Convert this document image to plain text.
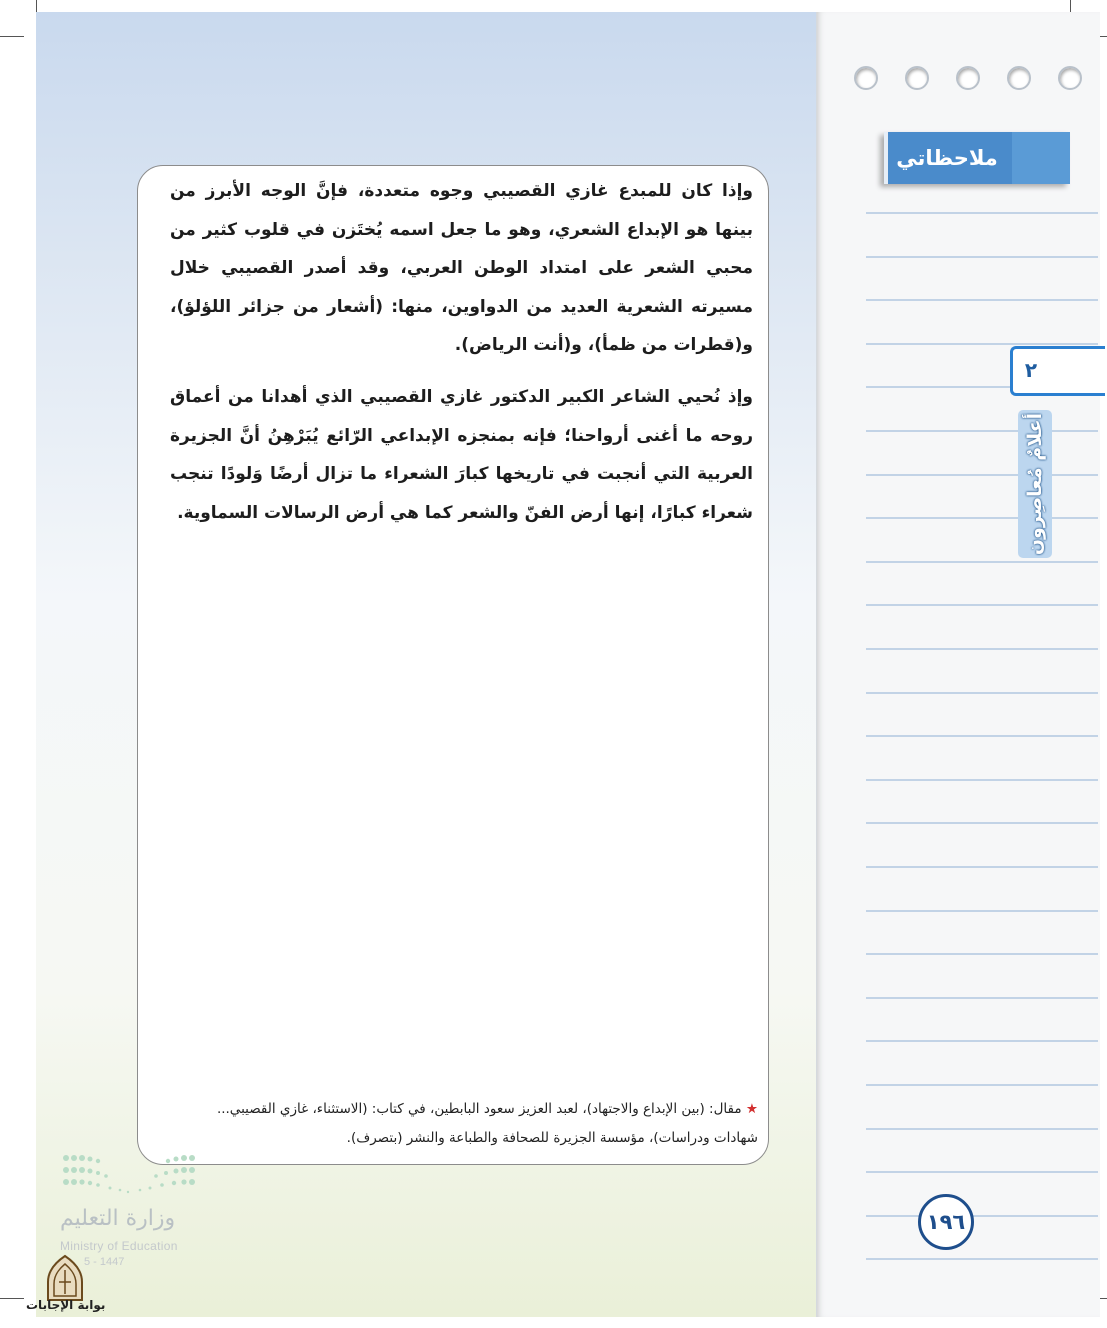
ملاحظاتي
٢
أعلامٌ مُعاصِرون
وإذا كان للمبدع غازي القصيبي وجوه متعددة، فإنَّ الوجه الأبرز من بينها هو الإبداع الشعري، وهو ما جعل اسمه يُختَزن في قلوب كثير من محبي الشعر على امتداد الوطن العربي، وقد أصدر القصيبي خلال مسيرته الشعرية العديد من الدواوين، منها: (أشعار من جزائر اللؤلؤ)، و(قطرات من ظمأ)، و(أنت الرياض).
وإذ نُحيي الشاعر الكبير الدكتور غازي القصيبي الذي أهدانا من أعماق روحه ما أغنى أرواحنا؛ فإنه بمنجزه الإبداعي الرّائع يُبَرْهِنُ أنَّ الجزيرة العربية التي أنجبت في تاريخها كبارَ الشعراء ما تزال أرضًا وَلودًا تنجب شعراء كبارًا، إنها أرض الفنّ والشعر كما هي أرض الرسالات السماوية.
★ مقال: (بين الإبداع والاجتهاد)، لعبد العزيز سعود البابطين، في كتاب: (الاستثناء، غازي القصيبي...
شهادات ودراسات)، مؤسسة الجزيرة للصحافة والطباعة والنشر (بتصرف).
١٩٦
وزارة التعليم
Ministry of Education
5 - 1447
بوابة الإجابات
